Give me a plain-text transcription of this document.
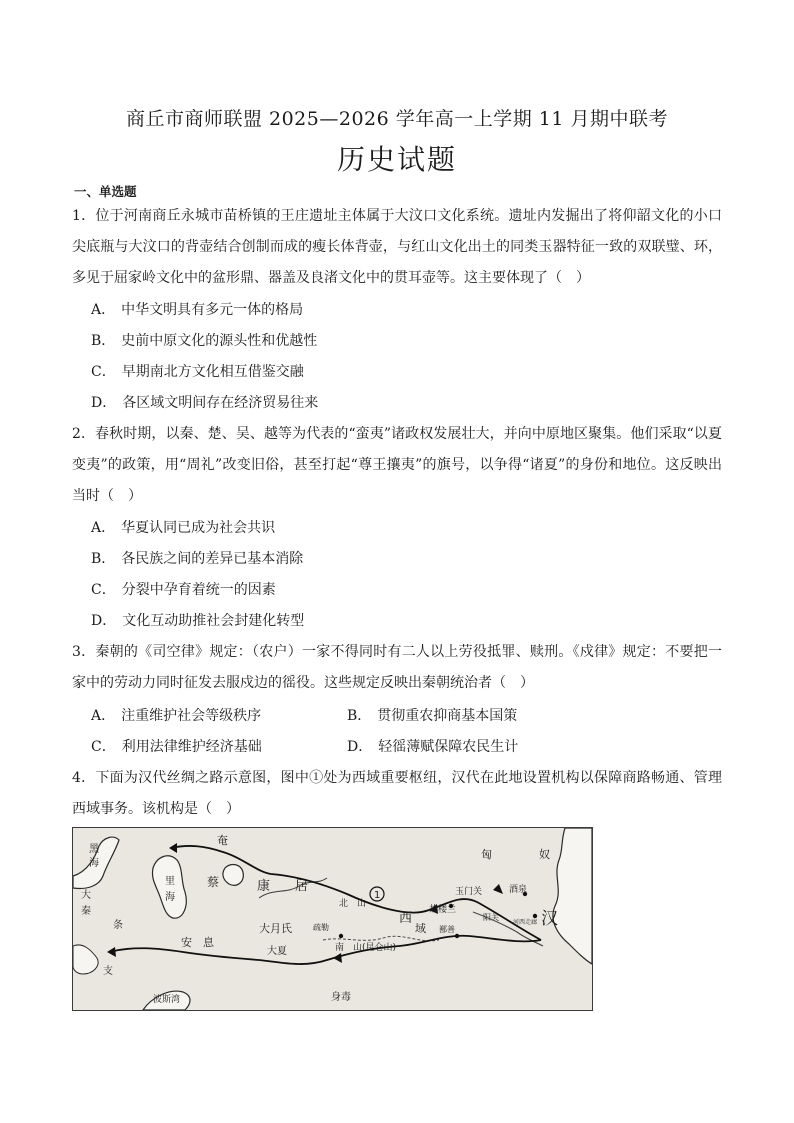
商丘市商师联盟 2025—2026 学年高一上学期 11 月期中联考
历史试题
一、单选题
1．位于河南商丘永城市苗桥镇的王庄遗址主体属于大汶口文化系统。遗址内发掘出了将仰韶文化的小口尖底瓶与大汶口的背壶结合创制而成的瘦长体背壶，与红山文化出土的同类玉器特征一致的双联璧、环，多见于屈家岭文化中的盆形鼎、器盖及良渚文化中的贯耳壶等。这主要体现了（　）
A． 中华文明具有多元一体的格局
B． 史前中原文化的源头性和优越性
C． 早期南北方文化相互借鉴交融
D． 各区域文明间存在经济贸易往来
2．春秋时期，以秦、楚、吴、越等为代表的“蛮夷”诸政权发展壮大，并向中原地区聚集。他们采取“以夏变夷”的政策，用“周礼”改变旧俗，甚至打起“尊王攘夷”的旗号，以争得“诸夏”的身份和地位。这反映出当时（　）
A． 华夏认同已成为社会共识
B． 各民族之间的差异已基本消除
C． 分裂中孕育着统一的因素
D． 文化互动助推社会封建化转型
3．秦朝的《司空律》规定：（农户）一家不得同时有二人以上劳役抵罪、赎刑。《戍律》规定：不要把一家中的劳动力同时征发去服戍边的徭役。这些规定反映出秦朝统治者（　）
A． 注重维护社会等级秩序	B． 贯彻重农抑商基本国策
C． 利用法律维护经济基础	D． 轻徭薄赋保障农民生计
4．下面为汉代丝绸之路示意图，图中①处为西域重要枢纽，汉代在此地设置机构以保障商路畅通、管理西域事务。该机构是（　）
奄
蔡
黑
海
里
海
康 居
匈	奴
1
北　山
西
域
故楼兰
鄯善
玉门关
阳关
酒泉
河西走廊 汉
大
秦
条
支
安　息
大月氏
大夏
疏勒
南　山(昆仑山)
波斯湾	身毒
